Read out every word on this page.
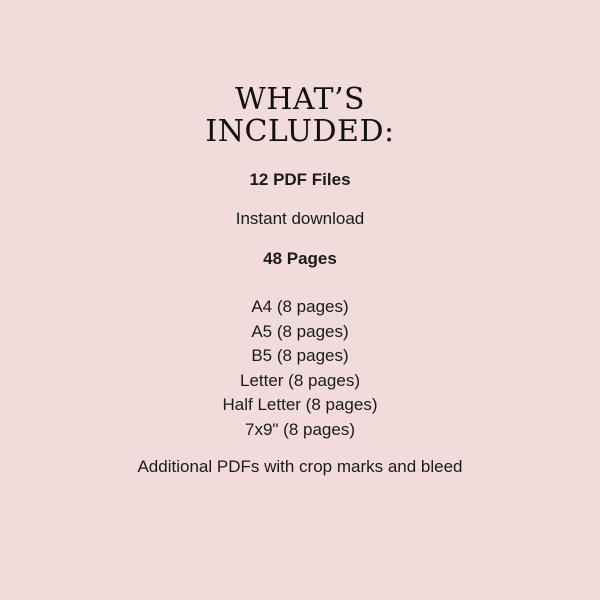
WHAT’S
INCLUDED:
12 PDF Files
Instant download
48 Pages
A4 (8 pages)
A5 (8 pages)
B5 (8 pages)
Letter (8 pages)
Half Letter (8 pages)
7x9" (8 pages)
Additional PDFs with crop marks and bleed
